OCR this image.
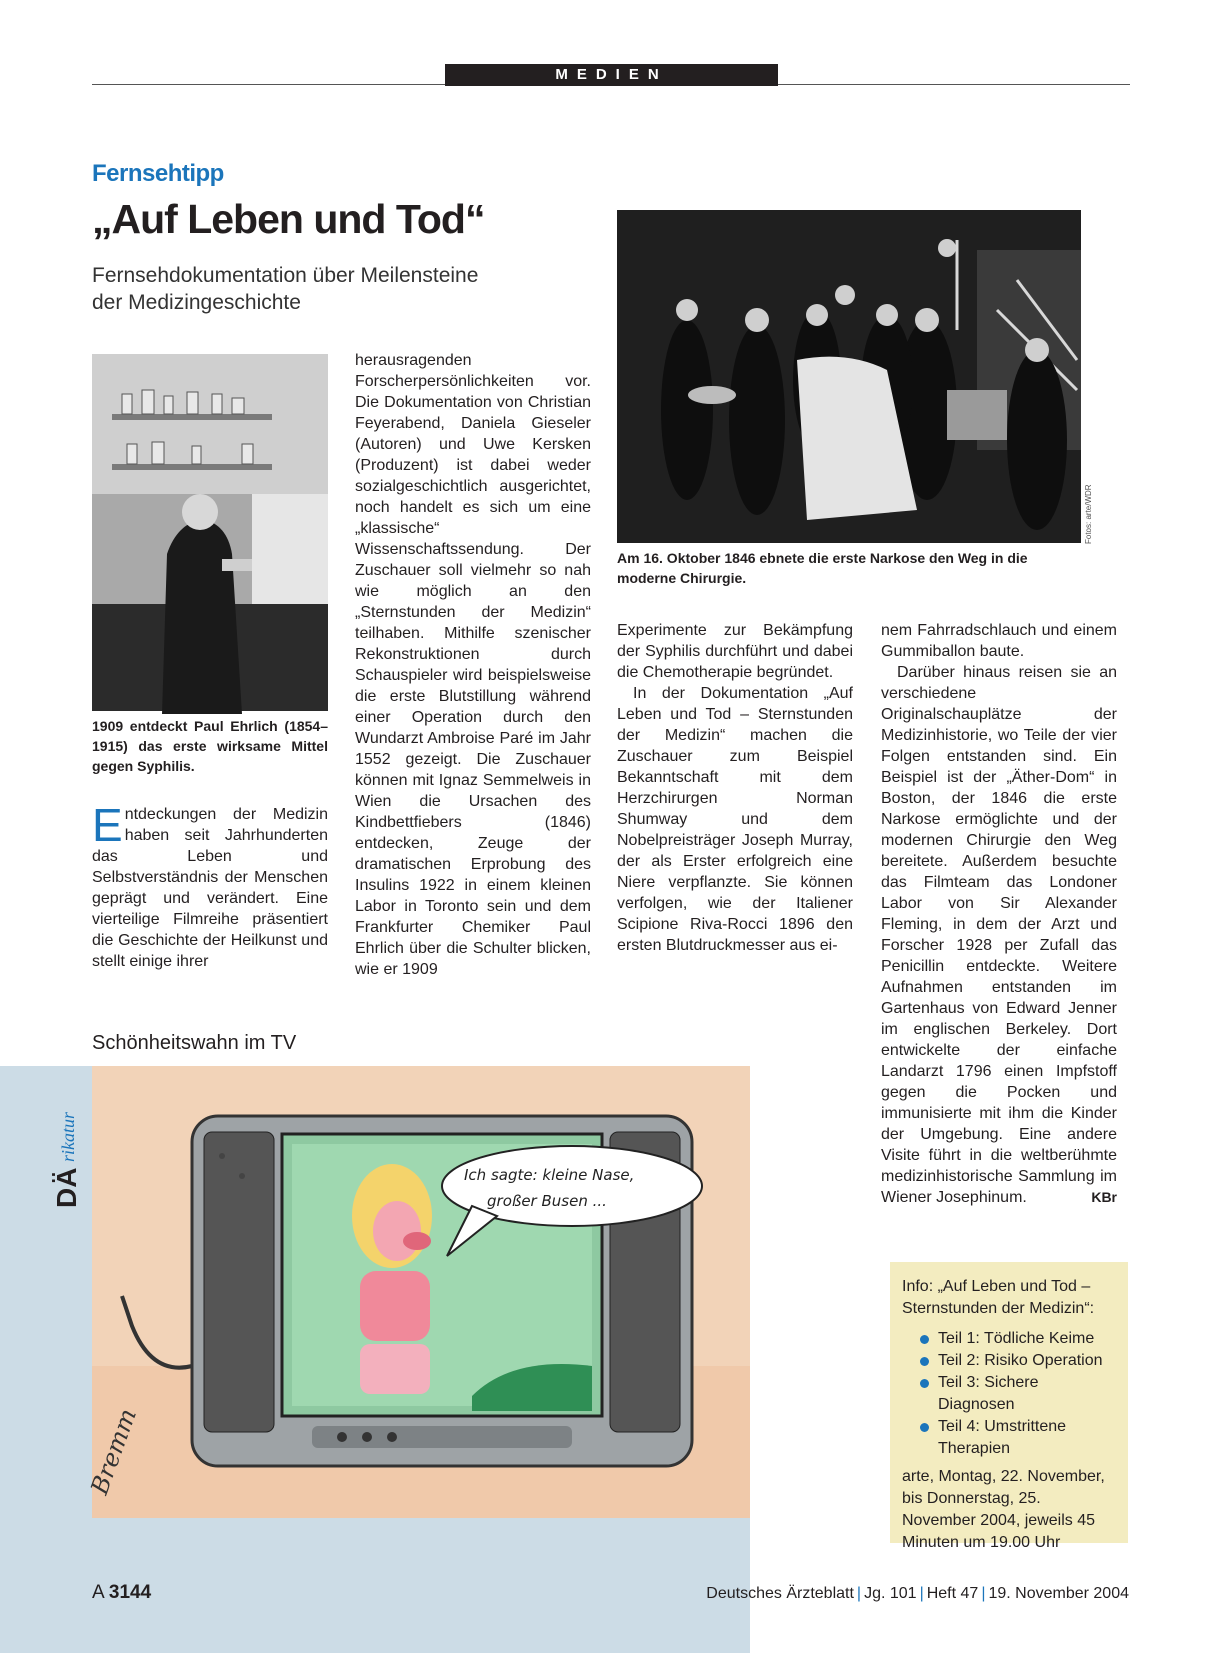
MEDIEN
Fernsehtipp
„Auf Leben und Tod“
Fernsehdokumentation über Meilensteine der Medizingeschichte
1909 entdeckt Paul Ehrlich (1854–1915) das erste wirksame Mittel gegen Syphilis.
Fotos: arte/WDR
Am 16. Oktober 1846 ebnete die erste Narkose den Weg in die moderne Chirurgie.

Entdeckungen der Medizin haben seit Jahrhunderten das Leben und Selbstverständnis der Menschen geprägt und verändert. Eine vierteilige Filmreihe präsentiert die Geschichte der Heilkunst und stellt einige ihrer

herausragenden Forscherpersönlichkeiten vor. Die Dokumentation von Christian Feyerabend, Daniela Gieseler (Autoren) und Uwe Kersken (Produzent) ist dabei weder sozialgeschichtlich ausgerichtet, noch handelt es sich um eine „klassische“ Wissenschaftssendung. Der Zuschauer soll vielmehr so nah wie möglich an den „Sternstunden der Medizin“ teilhaben. Mithilfe szenischer Rekonstruktionen durch Schauspieler wird beispielsweise die erste Blutstillung während einer Operation durch den Wundarzt Ambroise Paré im Jahr 1552 gezeigt. Die Zuschauer können mit Ignaz Semmelweis in Wien die Ursachen des Kindbettfiebers (1846) entdecken, Zeuge der dramatischen Erprobung des Insulins 1922 in einem kleinen Labor in Toronto sein und dem Frankfurter Chemiker Paul Ehrlich über die Schulter blicken, wie er 1909

Experimente zur Bekämpfung der Syphilis durchführt und dabei die Chemotherapie begründet.

In der Dokumentation „Auf Leben und Tod – Sternstunden der Medizin“ machen die Zuschauer zum Beispiel Bekanntschaft mit dem Herzchirurgen Norman Shumway und dem Nobelpreisträger Joseph Murray, der als Erster erfolgreich eine Niere verpflanzte. Sie können verfolgen, wie der Italiener Scipione Riva-Rocci 1896 den ersten Blutdruckmesser aus ei-

nem Fahrradschlauch und einem Gummiballon baute.

Darüber hinaus reisen sie an verschiedene Originalschauplätze der Medizinhistorie, wo Teile der vier Folgen entstanden sind. Ein Beispiel ist der „Äther-Dom“ in Boston, der 1846 die erste Narkose ermöglichte und der modernen Chirurgie den Weg bereitete. Außerdem besuchte das Filmteam das Londoner Labor von Sir Alexander Fleming, in dem der Arzt und Forscher 1928 per Zufall das Penicillin entdeckte. Weitere Aufnahmen entstanden im Gartenhaus von Edward Jenner im englischen Berkeley. Dort entwickelte der einfache Landarzt 1796 einen Impfstoff gegen die Pocken und immunisierte mit ihm die Kinder der Umgebung. Eine andere Visite führt in die weltberühmte medizinhistorische Sammlung im Wiener Josephinum.	KBr

Info: „Auf Leben und Tod – Sternstunden der Medizin“:
Teil 1: Tödliche Keime
Teil 2: Risiko Operation
Teil 3: Sichere Diagnosen
Teil 4: Umstrittene Therapien
arte, Montag, 22. November, bis Donnerstag, 25. November 2004, jeweils 45 Minuten um 19.00 Uhr
Schönheitswahn im TV
DÄ
rikatur
Ich sagte: kleine Nase,
großer Busen ...
Bremm
A 3144	Deutsches Ärzteblatt | Jg. 101 | Heft 47 | 19. November 2004
